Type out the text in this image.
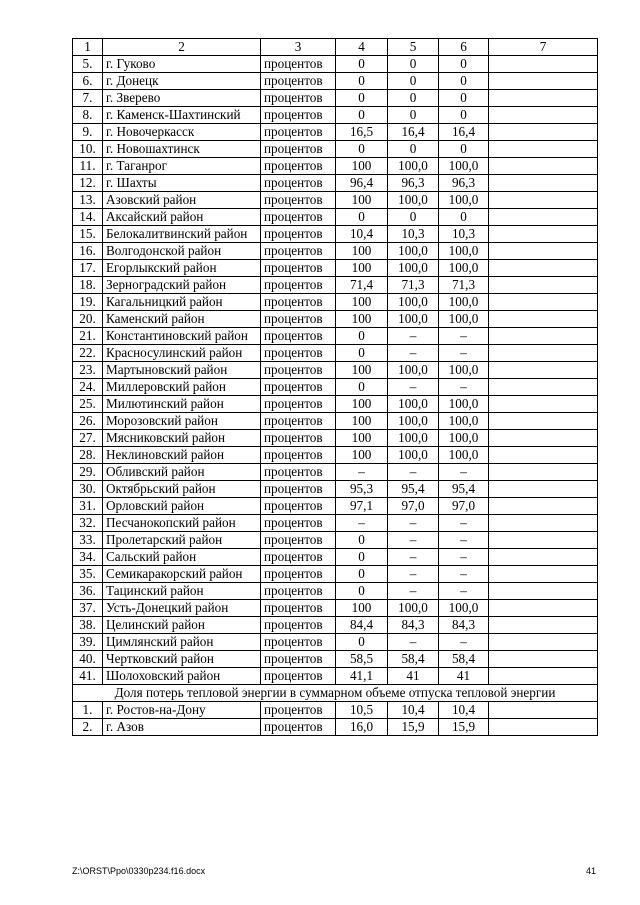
1	2	3	4	5	6	7
5.	г. Гуково	процентов	0	0	0	
6.	г. Донецк	процентов	0	0	0	
7.	г. Зверево	процентов	0	0	0	
8.	г. Каменск-Шахтинский	процентов	0	0	0	
9.	г. Новочеркасск	процентов	16,5	16,4	16,4	
10.	г. Новошахтинск	процентов	0	0	0	
11.	г. Таганрог	процентов	100	100,0	100,0	
12.	г. Шахты	процентов	96,4	96,3	96,3	
13.	Азовский район	процентов	100	100,0	100,0	
14.	Аксайский район	процентов	0	0	0	
15.	Белокалитвинский район	процентов	10,4	10,3	10,3	
16.	Волгодонской район	процентов	100	100,0	100,0	
17.	Егорлыкский район	процентов	100	100,0	100,0	
18.	Зерноградский район	процентов	71,4	71,3	71,3	
19.	Кагальницкий район	процентов	100	100,0	100,0	
20.	Каменский район	процентов	100	100,0	100,0	
21.	Константиновский район	процентов	0	–	–	
22.	Красносулинский район	процентов	0	–	–	
23.	Мартыновский район	процентов	100	100,0	100,0	
24.	Миллеровский район	процентов	0	–	–	
25.	Милютинский район	процентов	100	100,0	100,0	
26.	Морозовский район	процентов	100	100,0	100,0	
27.	Мясниковский район	процентов	100	100,0	100,0	
28.	Неклиновский район	процентов	100	100,0	100,0	
29.	Обливский район	процентов	–	–	–	
30.	Октябрьский район	процентов	95,3	95,4	95,4	
31.	Орловский район	процентов	97,1	97,0	97,0	
32.	Песчанокопский район	процентов	–	–	–	
33.	Пролетарский район	процентов	0	–	–	
34.	Сальский район	процентов	0	–	–	
35.	Семикаракорский район	процентов	0	–	–	
36.	Тацинский район	процентов	0	–	–	
37.	Усть-Донецкий район	процентов	100	100,0	100,0	
38.	Целинский район	процентов	84,4	84,3	84,3	
39.	Цимлянский район	процентов	0	–	–	
40.	Чертковский район	процентов	58,5	58,4	58,4	
41.	Шолоховский район	процентов	41,1	41	41	
Доля потерь тепловой энергии в суммарном объеме отпуска тепловой энергии						
1.	г. Ростов-на-Дону	процентов	10,5	10,4	10,4	
2.	г. Азов	процентов	16,0	15,9	15,9	
Z:\ORST\Ppo\0330p234.f16.docx	41
